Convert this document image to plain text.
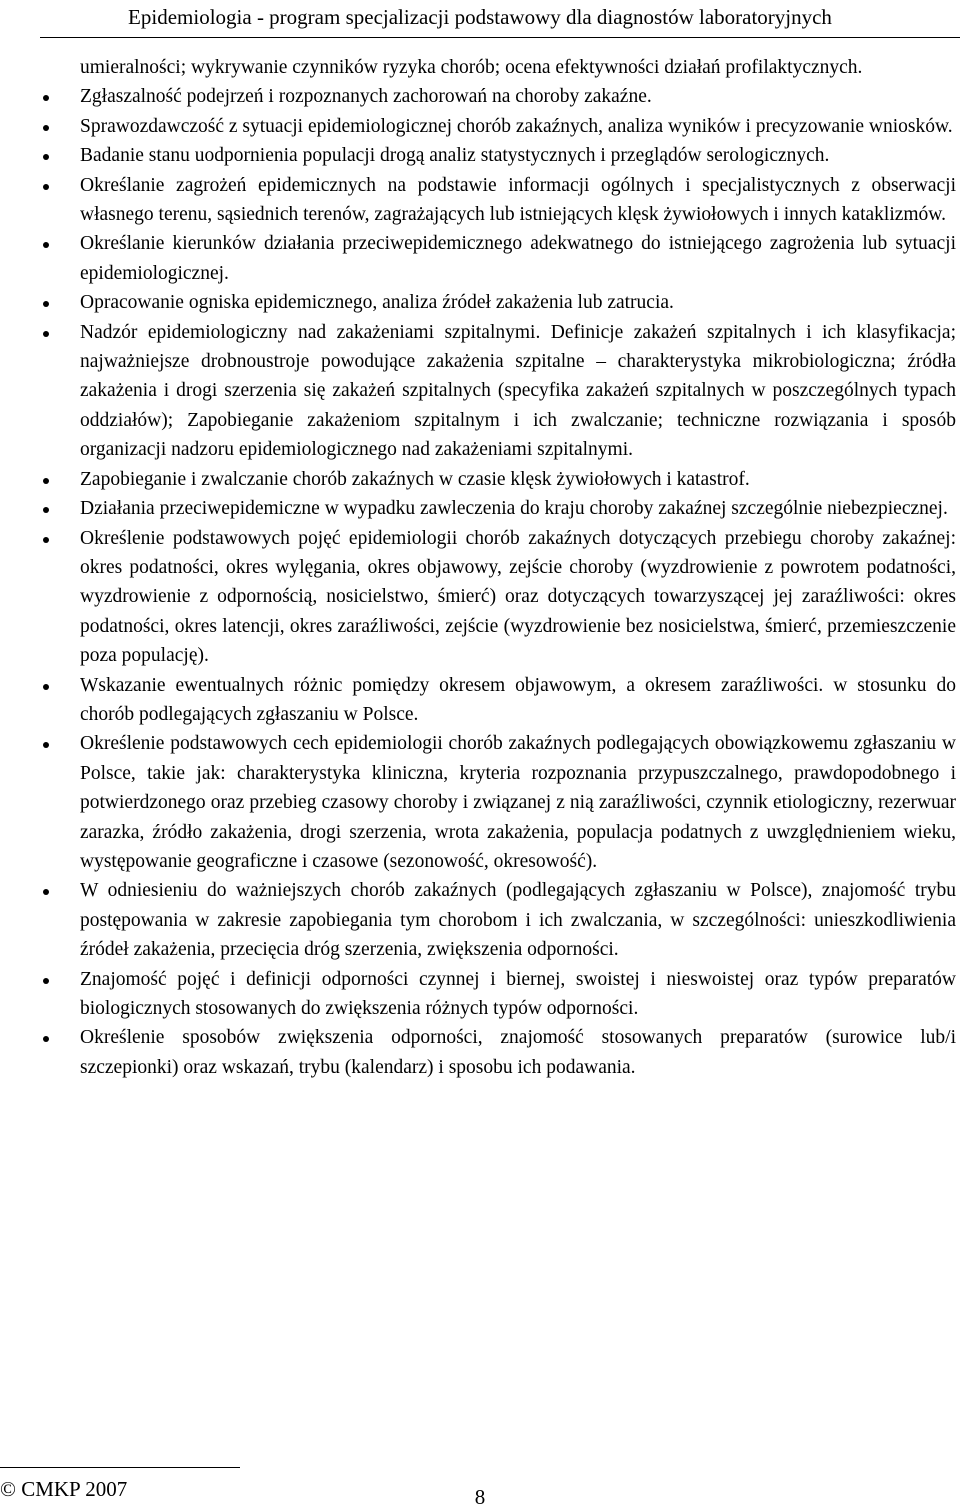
Epidemiologia - program specjalizacji podstawowy dla diagnostów laboratoryjnych

umieralności; wykrywanie czynników ryzyka chorób; ocena efektywności działań profilaktycznych.

Zgłaszalność podejrzeń i rozpoznanych zachorowań na choroby zakaźne.
Sprawozdawczość z sytuacji epidemiologicznej chorób zakaźnych, analiza wyników i precyzowanie wniosków.
Badanie stanu uodpornienia populacji drogą analiz statystycznych i przeglądów serologicznych.
Określanie zagrożeń epidemicznych na podstawie informacji ogólnych i specjalistycznych z obserwacji własnego terenu, sąsiednich terenów, zagrażających lub istniejących klęsk żywiołowych i innych kataklizmów.
Określanie kierunków działania przeciwepidemicznego adekwatnego do istniejącego zagrożenia lub sytuacji epidemiologicznej.
Opracowanie ogniska epidemicznego, analiza źródeł zakażenia lub zatrucia.
Nadzór epidemiologiczny nad zakażeniami szpitalnymi. Definicje zakażeń szpitalnych i ich klasyfikacja; najważniejsze drobnoustroje powodujące zakażenia szpitalne – charakterystyka mikrobiologiczna; źródła zakażenia i drogi szerzenia się zakażeń szpitalnych (specyfika zakażeń szpitalnych w poszczególnych typach oddziałów); Zapobieganie zakażeniom szpitalnym i ich zwalczanie; techniczne rozwiązania i sposób organizacji nadzoru epidemiologicznego nad zakażeniami szpitalnymi.
Zapobieganie i zwalczanie chorób zakaźnych w czasie klęsk żywiołowych i katastrof.
Działania przeciwepidemiczne w wypadku zawleczenia do kraju choroby zakaźnej szczególnie niebezpiecznej.
Określenie podstawowych pojęć epidemiologii chorób zakaźnych dotyczących przebiegu choroby zakaźnej: okres podatności, okres wylęgania, okres objawowy, zejście choroby (wyzdrowienie z powrotem podatności, wyzdrowienie z odpornością, nosicielstwo, śmierć) oraz dotyczących towarzyszącej jej zaraźliwości: okres podatności, okres latencji, okres zaraźliwości, zejście (wyzdrowienie bez nosicielstwa, śmierć, przemieszczenie poza populację).
Wskazanie ewentualnych różnic pomiędzy okresem objawowym, a okresem zaraźliwości. w stosunku do chorób podlegających zgłaszaniu w Polsce.
Określenie podstawowych cech epidemiologii chorób zakaźnych podlegających obowiązkowemu zgłaszaniu w Polsce, takie jak: charakterystyka kliniczna, kryteria rozpoznania przypuszczalnego, prawdopodobnego i potwierdzonego oraz przebieg czasowy choroby i związanej z nią zaraźliwości, czynnik etiologiczny, rezerwuar zarazka, źródło zakażenia, drogi szerzenia, wrota zakażenia, populacja podatnych z uwzględnieniem wieku, występowanie geograficzne i czasowe (sezonowość, okresowość).
W odniesieniu do ważniejszych chorób zakaźnych (podlegających zgłaszaniu w Polsce), znajomość trybu postępowania w zakresie zapobiegania tym chorobom i ich zwalczania, w szczególności: unieszkodliwienia źródeł zakażenia, przecięcia dróg szerzenia, zwiększenia odporności.
Znajomość pojęć i definicji odporności czynnej i biernej, swoistej i nieswoistej oraz typów preparatów biologicznych stosowanych do zwiększenia różnych typów odporności.
Określenie sposobów zwiększenia odporności, znajomość stosowanych preparatów (surowice lub/i szczepionki) oraz wskazań, trybu (kalendarz) i sposobu ich podawania.
© CMKP 2007	8
